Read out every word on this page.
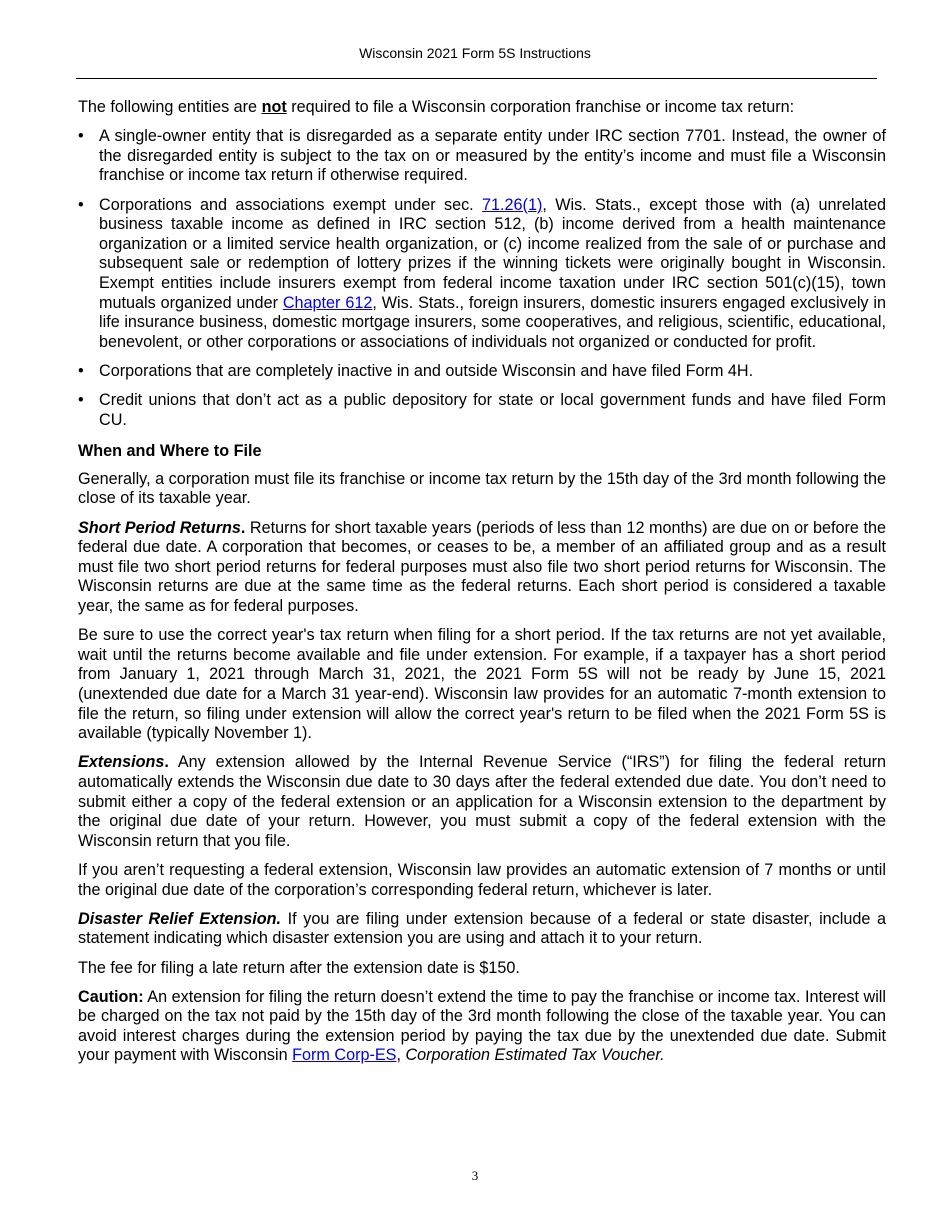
Wisconsin 2021 Form 5S Instructions

The following entities are not required to file a Wisconsin corporation franchise or income tax return:

• A single-owner entity that is disregarded as a separate entity under IRC section 7701. Instead, the owner of the disregarded entity is subject to the tax on or measured by the entity’s income and must file a Wisconsin franchise or income tax return if otherwise required.
• Corporations and associations exempt under sec. 71.26(1), Wis. Stats., except those with (a) unrelated business taxable income as defined in IRC section 512, (b) income derived from a health maintenance organization or a limited service health organization, or (c) income realized from the sale of or purchase and subsequent sale or redemption of lottery prizes if the winning tickets were originally bought in Wisconsin. Exempt entities include insurers exempt from federal income taxation under IRC section 501(c)(15), town mutuals organized under Chapter 612, Wis. Stats., foreign insurers, domestic insurers engaged exclusively in life insurance business, domestic mortgage insurers, some cooperatives, and religious, scientific, educational, benevolent, or other corporations or associations of individuals not organized or conducted for profit.
• Corporations that are completely inactive in and outside Wisconsin and have filed Form 4H.
• Credit unions that don’t act as a public depository for state or local government funds and have filed Form CU.

When and Where to File

Generally, a corporation must file its franchise or income tax return by the 15th day of the 3rd month following the close of its taxable year.

Short Period Returns. Returns for short taxable years (periods of less than 12 months) are due on or before the federal due date. A corporation that becomes, or ceases to be, a member of an affiliated group and as a result must file two short period returns for federal purposes must also file two short period returns for Wisconsin. The Wisconsin returns are due at the same time as the federal returns. Each short period is considered a taxable year, the same as for federal purposes.

Be sure to use the correct year's tax return when filing for a short period. If the tax returns are not yet available, wait until the returns become available and file under extension. For example, if a taxpayer has a short period from January 1, 2021 through March 31, 2021, the 2021 Form 5S will not be ready by June 15, 2021 (unextended due date for a March 31 year-end). Wisconsin law provides for an automatic 7-month extension to file the return, so filing under extension will allow the correct year's return to be filed when the 2021 Form 5S is available (typically November 1).

Extensions. Any extension allowed by the Internal Revenue Service (“IRS”) for filing the federal return automatically extends the Wisconsin due date to 30 days after the federal extended due date. You don’t need to submit either a copy of the federal extension or an application for a Wisconsin extension to the department by the original due date of your return. However, you must submit a copy of the federal extension with the Wisconsin return that you file.

If you aren’t requesting a federal extension, Wisconsin law provides an automatic extension of 7 months or until the original due date of the corporation’s corresponding federal return, whichever is later.

Disaster Relief Extension. If you are filing under extension because of a federal or state disaster, include a statement indicating which disaster extension you are using and attach it to your return.

The fee for filing a late return after the extension date is $150.

Caution: An extension for filing the return doesn’t extend the time to pay the franchise or income tax. Interest will be charged on the tax not paid by the 15th day of the 3rd month following the close of the taxable year. You can avoid interest charges during the extension period by paying the tax due by the unextended due date. Submit your payment with Wisconsin Form Corp-ES, Corporation Estimated Tax Voucher.

3
